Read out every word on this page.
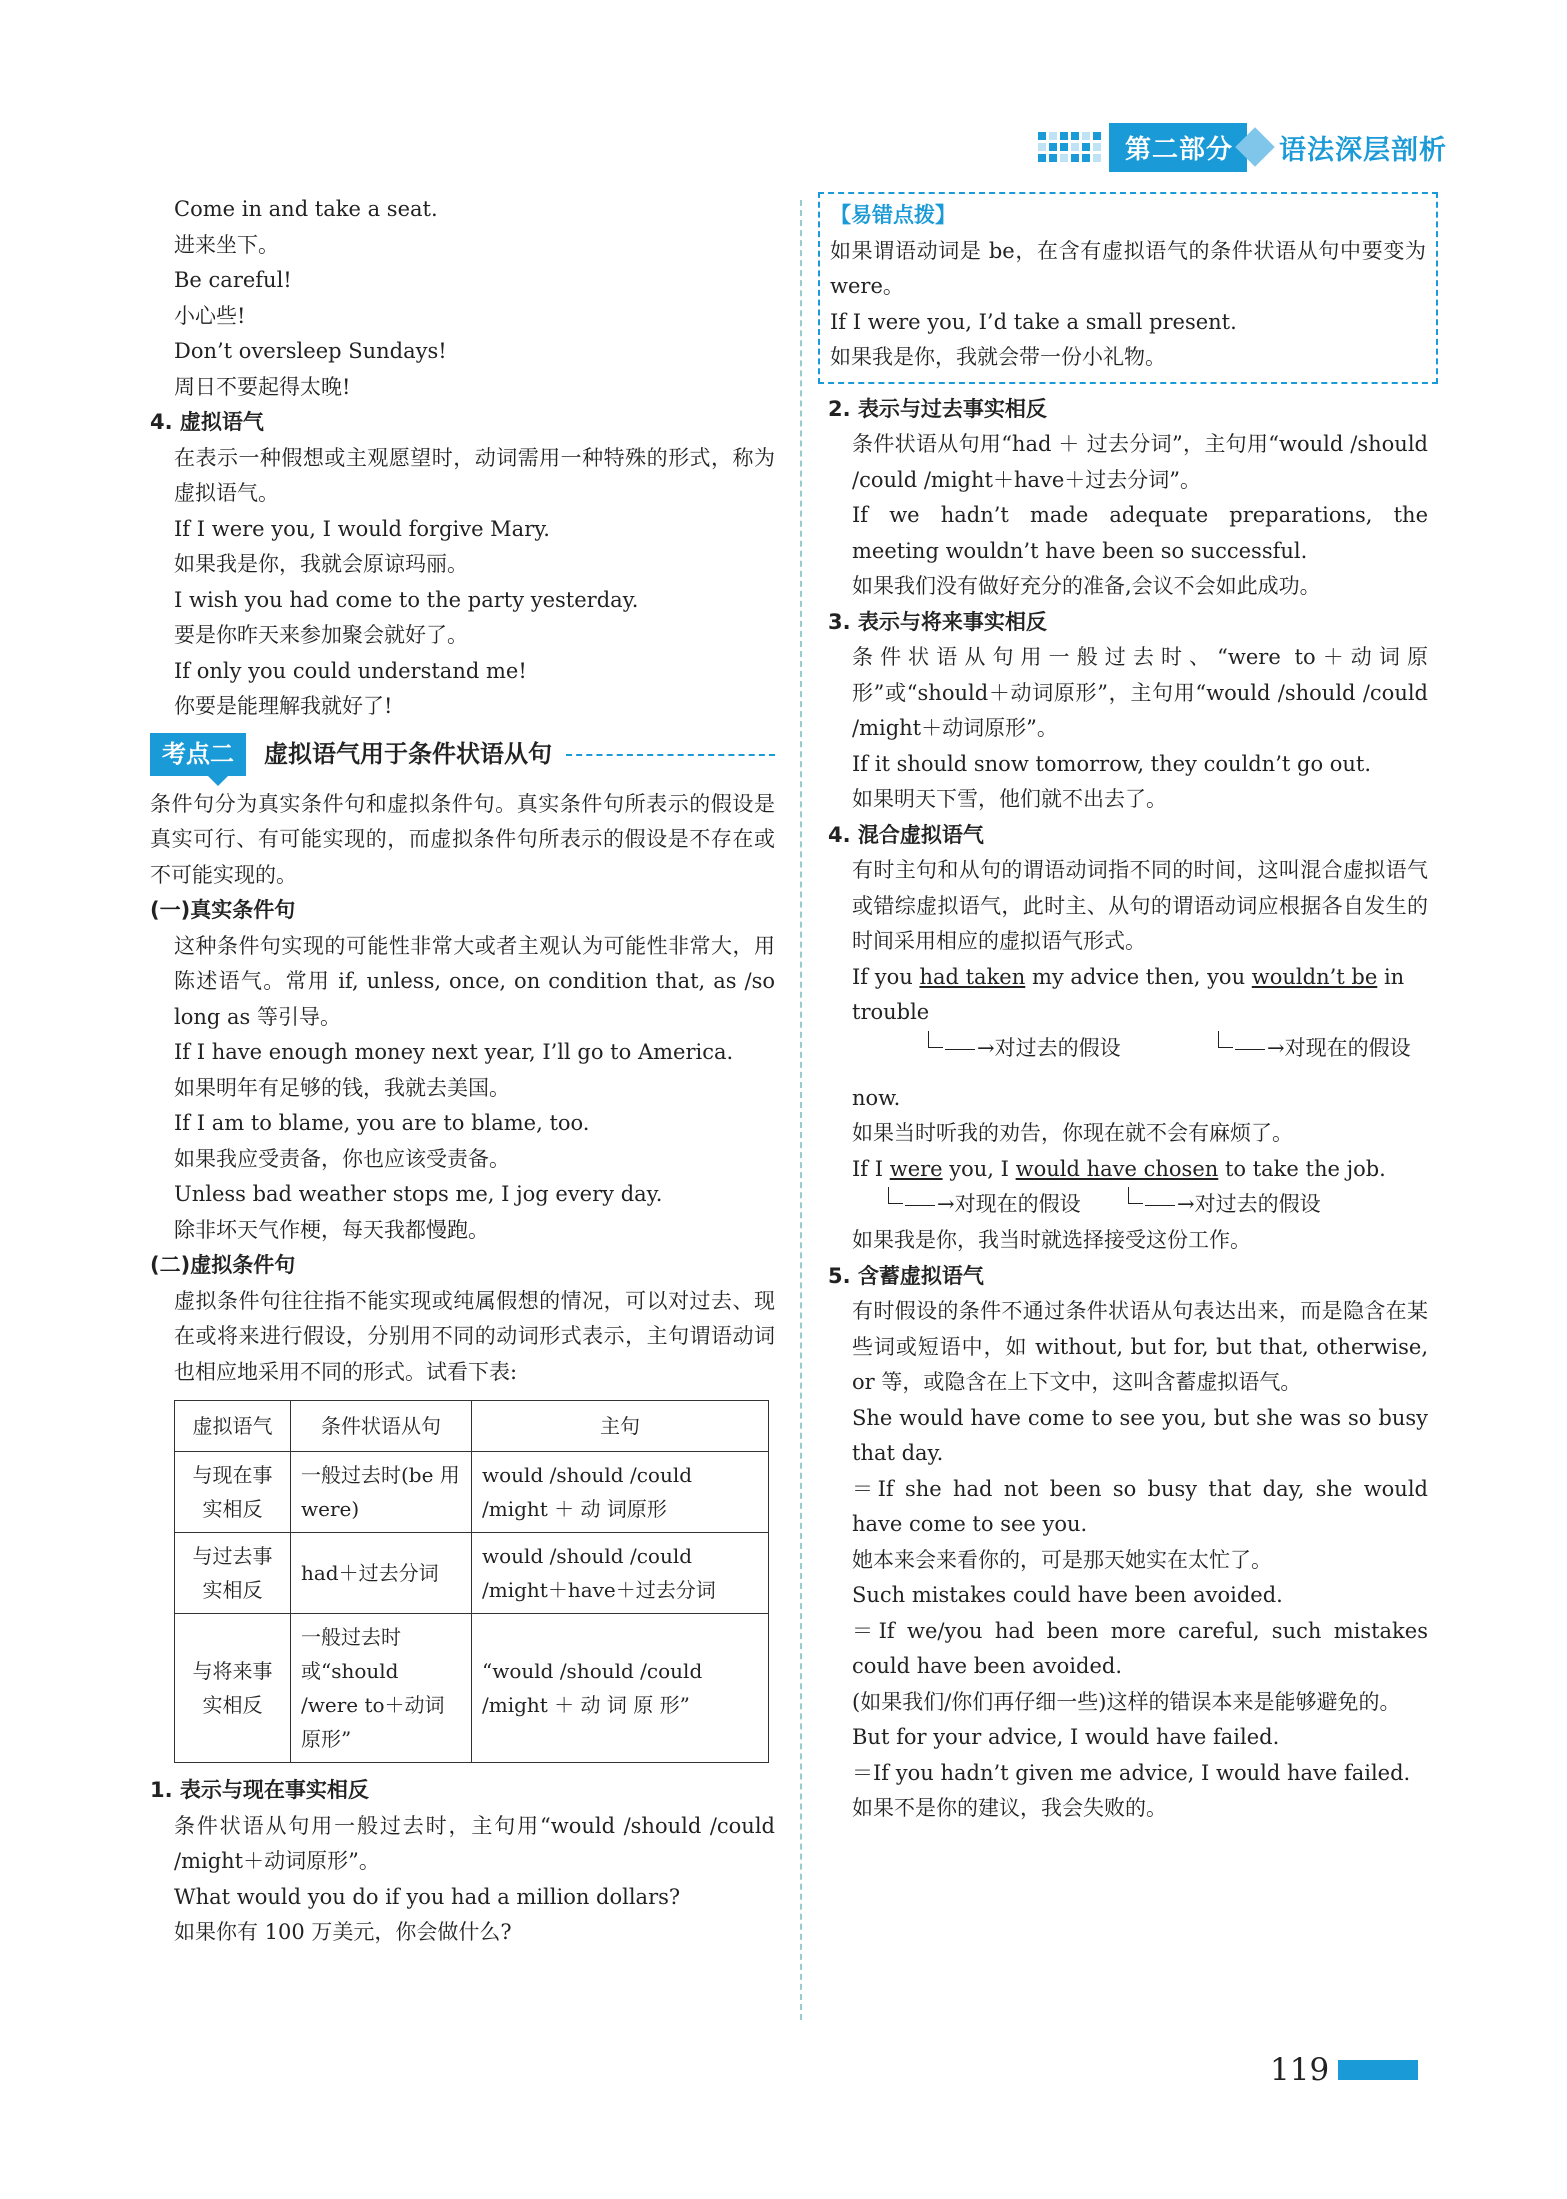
第二部分	语法深层剖析

Come in and take a seat.

进来坐下。

Be careful!

小心些!

Don’t oversleep Sundays!

周日不要起得太晚!

4. 虚拟语气

在表示一种假想或主观愿望时，动词需用一种特殊的形式，称为虚拟语气。

If I were you, I would forgive Mary.

如果我是你，我就会原谅玛丽。

I wish you had come to the party yesterday.

要是你昨天来参加聚会就好了。

If only you could understand me!

你要是能理解我就好了!

考点二	虚拟语气用于条件状语从句

条件句分为真实条件句和虚拟条件句。真实条件句所表示的假设是真实可行、有可能实现的，而虚拟条件句所表示的假设是不存在或不可能实现的。

(一)真实条件句

这种条件句实现的可能性非常大或者主观认为可能性非常大，用陈述语气。常用 if, unless, once, on condition that, as /so long as 等引导。

If I have enough money next year, I’ll go to America.

如果明年有足够的钱，我就去美国。

If I am to blame, you are to blame, too.

如果我应受责备，你也应该受责备。

Unless bad weather stops me, I jog every day.

除非坏天气作梗，每天我都慢跑。

(二)虚拟条件句

虚拟条件句往往指不能实现或纯属假想的情况，可以对过去、现在或将来进行假设，分别用不同的动词形式表示，主句谓语动词也相应地采用不同的形式。试看下表:

虚拟语气	条件状语从句	主句
与现在事实相反	一般过去时(be 用 were)	would /should /could /might ＋ 动 词原形
与过去事实相反	had＋过去分词	would /should /could /might＋have＋过去分词
与将来事实相反	一般过去时或“should /were to＋动词原形”	“would /should /could /might ＋ 动 词 原 形”

1. 表示与现在事实相反

条件状语从句用一般过去时，主句用“would /should /could /might＋动词原形”。

What would you do if you had a million dollars?

如果你有 100 万美元，你会做什么?

【易错点拨】

如果谓语动词是 be，在含有虚拟语气的条件状语从句中要变为 were。

If I were you, I’d take a small present.

如果我是你，我就会带一份小礼物。

2. 表示与过去事实相反

条件状语从句用“had ＋ 过去分词”，主句用“would /should /could /might＋have＋过去分词”。

If we hadn’t made adequate preparations, the meeting wouldn’t have been so successful.

如果我们没有做好充分的准备,会议不会如此成功。

3. 表示与将来事实相反

条件状语从句用一般过去时、“were to＋动词原形”或“should＋动词原形”，主句用“would /should /could /might＋动词原形”。

If it should snow tomorrow, they couldn’t go out.

如果明天下雪，他们就不出去了。

4. 混合虚拟语气

有时主句和从句的谓语动词指不同的时间，这叫混合虚拟语气或错综虚拟语气，此时主、从句的谓语动词应根据各自发生的时间采用相应的虚拟语气形式。

If you had taken my advice then, you wouldn’t be in trouble

→对过去的假设	→对现在的假设

now.

如果当时听我的劝告，你现在就不会有麻烦了。

If I were you, I would have chosen to take the job.

→对现在的假设	→对过去的假设

如果我是你，我当时就选择接受这份工作。

5. 含蓄虚拟语气

有时假设的条件不通过条件状语从句表达出来，而是隐含在某些词或短语中，如 without, but for, but that, otherwise, or 等，或隐含在上下文中，这叫含蓄虚拟语气。

She would have come to see you, but she was so busy that day.

＝If she had not been so busy that day, she would have come to see you.

她本来会来看你的，可是那天她实在太忙了。

Such mistakes could have been avoided.

＝If we/you had been more careful, such mistakes could have been avoided.

(如果我们/你们再仔细一些)这样的错误本来是能够避免的。

But for your advice, I would have failed.

＝If you hadn’t given me advice, I would have failed.

如果不是你的建议，我会失败的。

119
